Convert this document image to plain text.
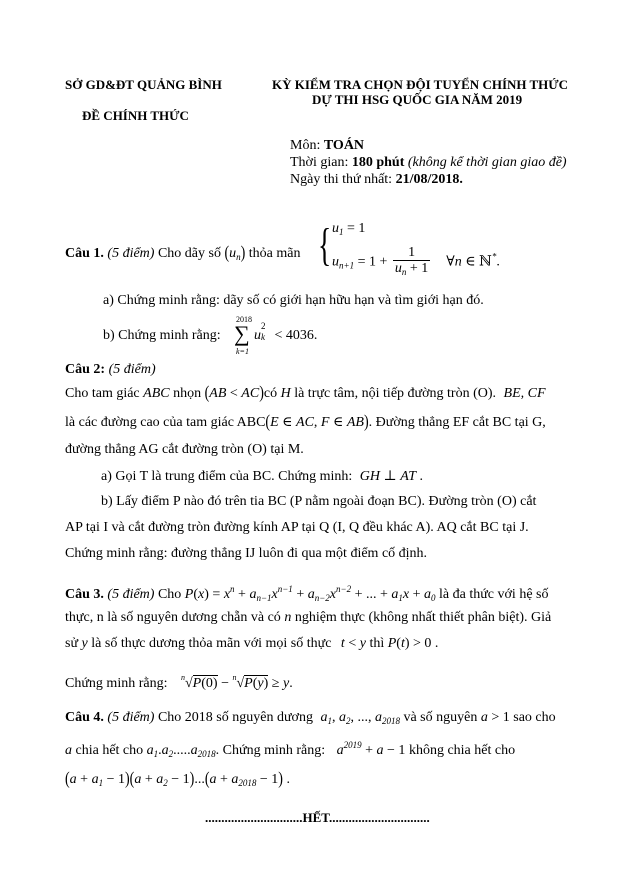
SỞ GD&ĐT QUẢNG BÌNH	KỲ KIỂM TRA CHỌN ĐỘI TUYỂN CHÍNH THỨC
DỰ THI HSG QUỐC GIA NĂM 2019
ĐỀ CHÍNH THỨC
Môn: TOÁN
Thời gian: 180 phút (không kể thời gian giao đề)
Ngày thi thứ nhất: 21/08/2018.
Câu 1. (5 điểm) Cho dãy số $(u_n)$ thỏa mãn { $u_1 = 1$
$u_{n+1} = 1 + \frac{1}{u_n + 1}$ ∀n ∈ ℕ*.
a) Chứng minh rằng: dãy số có giới hạn hữu hạn và tìm giới hạn đó.
b) Chứng minh rằng:
2018
∑
k=1
u
2
k < 4036.
Câu 2: (5 điểm)
Cho tam giác ABC nhọn (AB < AC)có H là trực tâm, nội tiếp đường tròn (O). BE, CF
là các đường cao của tam giác ABC(E ∈ AC, F ∈ AB). Đường thẳng EF cắt BC tại G,
đường thẳng AG cắt đường tròn (O) tại M.
a) Gọi T là trung điểm của BC. Chứng minh: GH ⊥ AT .
b) Lấy điểm P nào đó trên tia BC (P nằm ngoài đoạn BC). Đường tròn (O) cắt
AP tại I và cắt đường tròn đường kính AP tại Q (I, Q đều khác A). AQ cắt BC tại J.
Chứng minh rằng: đường thẳng IJ luôn đi qua một điểm cố định.
Câu 3. (5 điểm) Cho $P(x) = x^n + a_{n-1}x^{n-1} + a_{n-2}x^{n-2}$ + ... + $a_1x + a_0$ là đa thức với hệ số
thực, n là số nguyên dương chẵn và có n nghiệm thực (không nhất thiết phân biệt). Giả
sử y là số thực dương thỏa mãn với mọi số thực t < y thì P(t) > 0 .
Chứng minh rằng: $^n$√P(0) − $^n$√P(y) ≥ y.
Câu 4. (5 điểm) Cho 2018 số nguyên dương $a_1$, $a_2$, ..., $a_{2018}$ và số nguyên a > 1 sao cho
a chia hết cho $a_1.a_2.....a_{2018}$. Chứng minh rằng: $a^{2019} + a - 1$ không chia hết cho
$(a + a_1 - 1)(a + a_2 - 1)...(a + a_{2018} - 1)$ .
..............................HẾT...............................
